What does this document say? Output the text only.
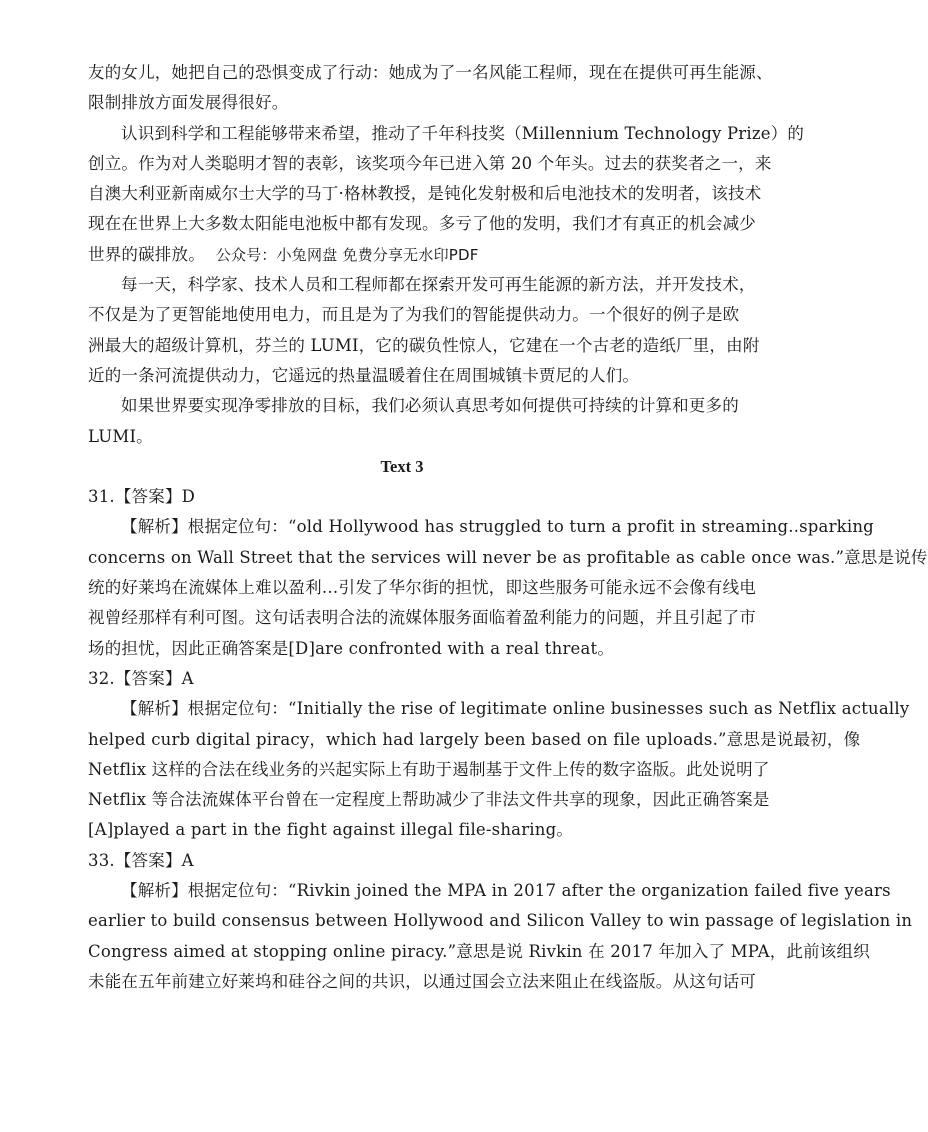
友的女儿，她把自己的恐惧变成了行动：她成为了一名风能工程师，现在在提供可再生能源、
限制排放方面发展得很好。
认识到科学和工程能够带来希望，推动了千年科技奖（Millennium Technology Prize）的
创立。作为对人类聪明才智的表彰，该奖项今年已进入第 20 个年头。过去的获奖者之一，来
自澳大利亚新南威尔士大学的马丁·格林教授，是钝化发射极和后电池技术的发明者，该技术
现在在世界上大多数太阳能电池板中都有发现。多亏了他的发明，我们才有真正的机会减少
世界的碳排放。 公众号：小兔网盘 免费分享无水印PDF
每一天，科学家、技术人员和工程师都在探索开发可再生能源的新方法，并开发技术，
不仅是为了更智能地使用电力，而且是为了为我们的智能提供动力。一个很好的例子是欧
洲最大的超级计算机，芬兰的 LUMI，它的碳负性惊人，它建在一个古老的造纸厂里，由附
近的一条河流提供动力，它遥远的热量温暖着住在周围城镇卡贾尼的人们。
如果世界要实现净零排放的目标，我们必须认真思考如何提供可持续的计算和更多的
LUMI。
Text 3
31.【答案】D
【解析】根据定位句：“old Hollywood has struggled to turn a profit in streaming..sparking
concerns on Wall Street that the services will never be as profitable as cable once was.”意思是说传
统的好莱坞在流媒体上难以盈利…引发了华尔街的担忧，即这些服务可能永远不会像有线电
视曾经那样有利可图。这句话表明合法的流媒体服务面临着盈利能力的问题，并且引起了市
场的担忧，因此正确答案是[D]are confronted with a real threat。
32.【答案】A
【解析】根据定位句：“Initially the rise of legitimate online businesses such as Netflix actually
helped curb digital piracy，which had largely been based on file uploads.”意思是说最初，像
Netflix 这样的合法在线业务的兴起实际上有助于遏制基于文件上传的数字盗版。此处说明了
Netflix 等合法流媒体平台曾在一定程度上帮助减少了非法文件共享的现象，因此正确答案是
[A]played a part in the fight against illegal file-sharing。
33.【答案】A
【解析】根据定位句：“Rivkin joined the MPA in 2017 after the organization failed five years
earlier to build consensus between Hollywood and Silicon Valley to win passage of legislation in
Congress aimed at stopping online piracy.”意思是说 Rivkin 在 2017 年加入了 MPA，此前该组织
未能在五年前建立好莱坞和硅谷之间的共识，以通过国会立法来阻止在线盗版。从这句话可
